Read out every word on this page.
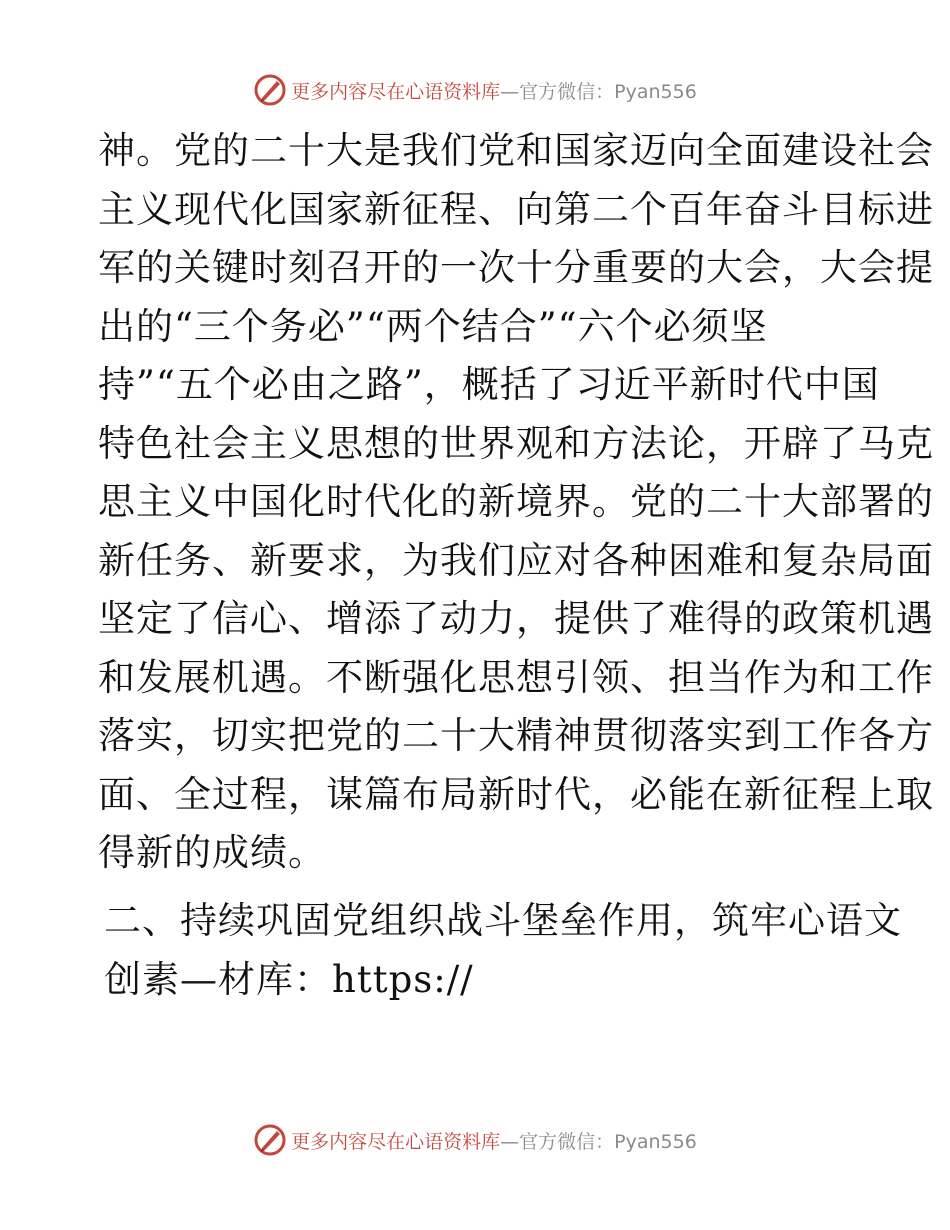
更多内容尽在心语资料库—官方微信：Pyan556
神。党的二十大是我们党和国家迈向全面建设社会
主义现代化国家新征程、向第二个百年奋斗目标进
军的关键时刻召开的一次十分重要的大会，大会提
出的“三个务必”“两个结合”“六个必须坚
持”“五个必由之路”，概括了习近平新时代中国
特色社会主义思想的世界观和方法论，开辟了马克
思主义中国化时代化的新境界。党的二十大部署的
新任务、新要求，为我们应对各种困难和复杂局面
坚定了信心、增添了动力，提供了难得的政策机遇
和发展机遇。不断强化思想引领、担当作为和工作
落实，切实把党的二十大精神贯彻落实到工作各方
面、全过程，谋篇布局新时代，必能在新征程上取
得新的成绩。
二、持续巩固党组织战斗堡垒作用，筑牢心语文
创素—材库：https://
更多内容尽在心语资料库—官方微信：Pyan556
